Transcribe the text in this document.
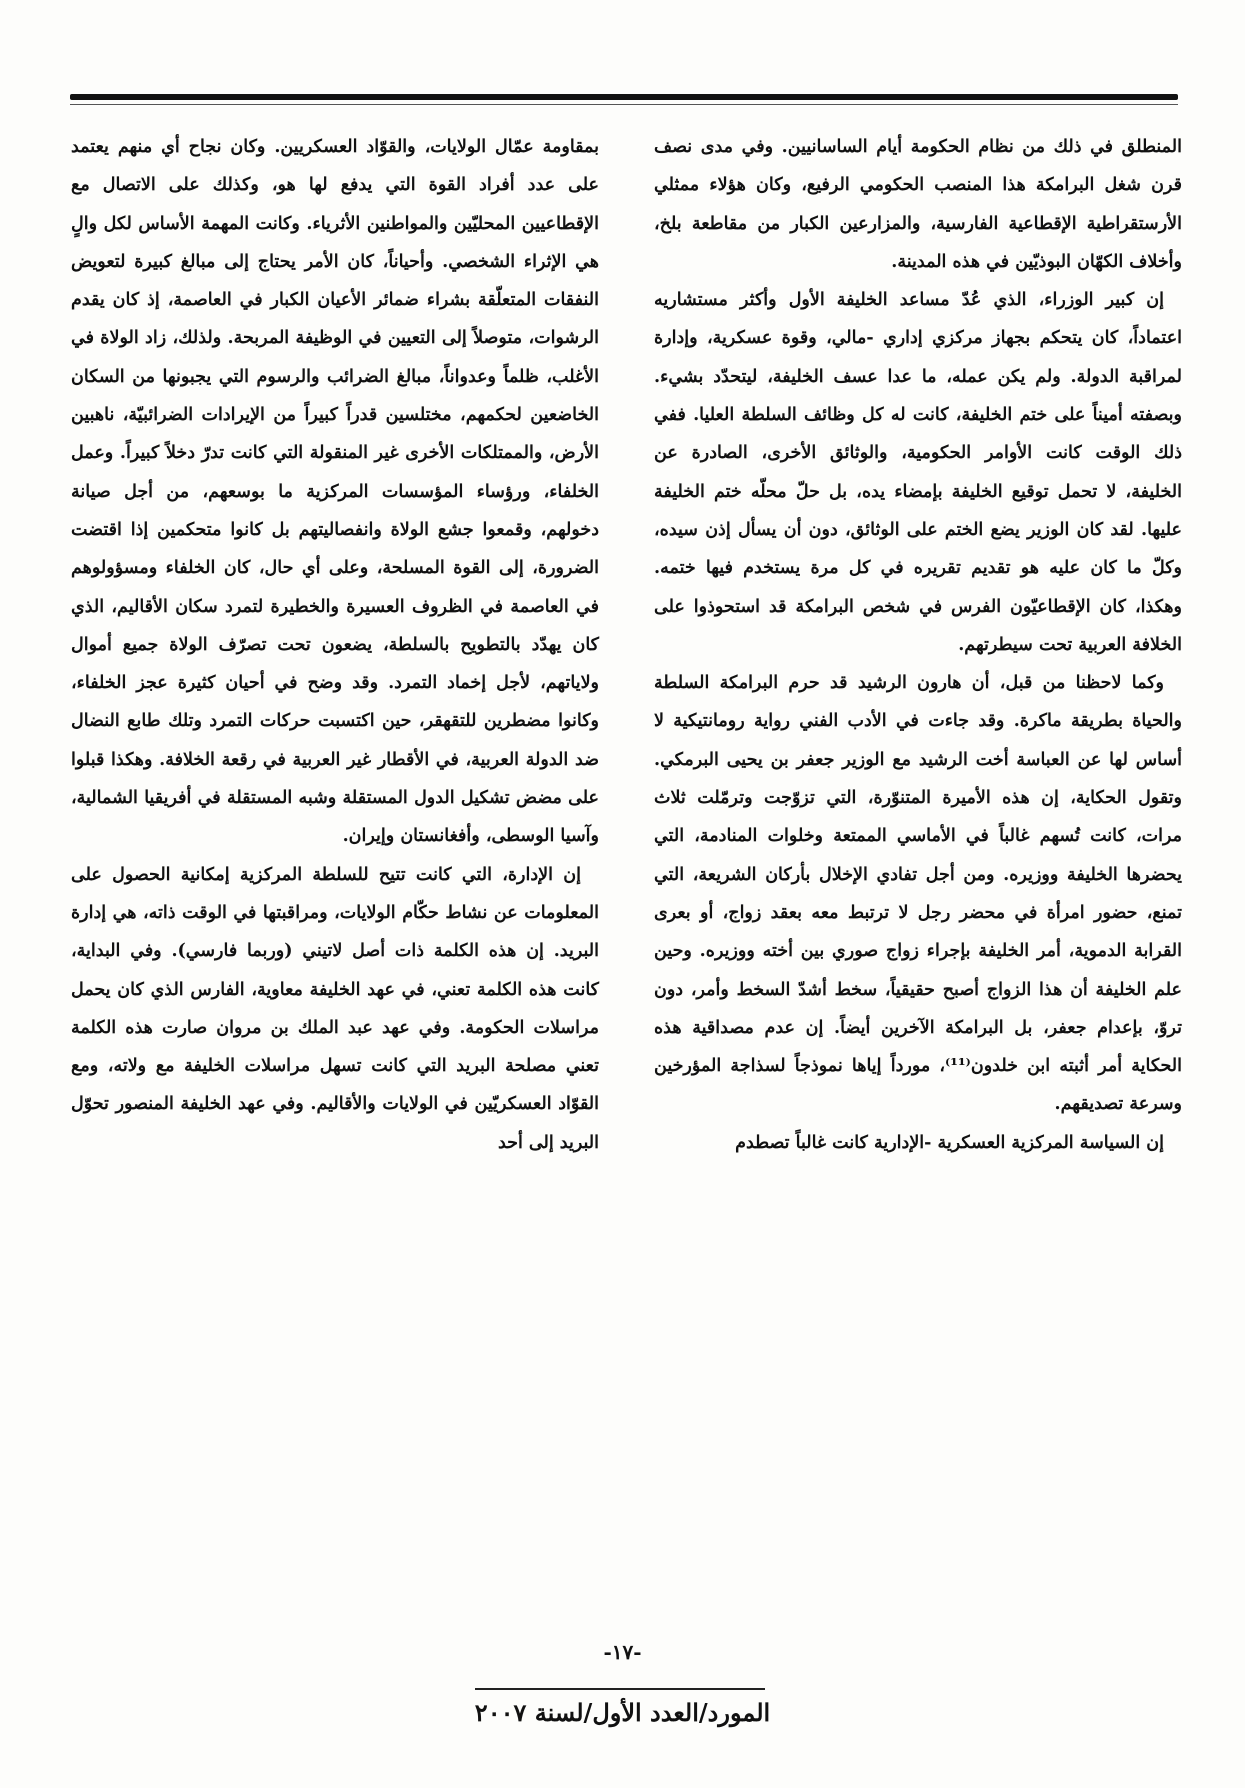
المنطلق في ذلك من نظام الحكومة أيام الساسانيين. وفي مدى نصف قرن شغل البرامكة هذا المنصب الحكومي الرفيع، وكان هؤلاء ممثلي الأرستقراطية الإقطاعية الفارسية، والمزارعين الكبار من مقاطعة بلخ، وأخلاف الكهّان البوذيّين في هذه المدينة.

إن كبير الوزراء، الذي عُدّ مساعد الخليفة الأول وأكثر مستشاريه اعتماداً، كان يتحكم بجهاز مركزي إداري -مالي، وقوة عسكرية، وإدارة لمراقبة الدولة. ولم يكن عمله، ما عدا عسف الخليفة، ليتحدّد بشيء. وبصفته أميناً على ختم الخليفة، كانت له كل وظائف السلطة العليا. ففي ذلك الوقت كانت الأوامر الحكومية، والوثائق الأخرى، الصادرة عن الخليفة، لا تحمل توقيع الخليفة بإمضاء يده، بل حلّ محلّه ختم الخليفة عليها. لقد كان الوزير يضع الختم على الوثائق، دون أن يسأل إذن سيده، وكلّ ما كان عليه هو تقديم تقريره في كل مرة يستخدم فيها ختمه. وهكذا، كان الإقطاعيّون الفرس في شخص البرامكة قد استحوذوا على الخلافة العربية تحت سيطرتهم.

وكما لاحظنا من قبل، أن هارون الرشيد قد حرم البرامكة السلطة والحياة بطريقة ماكرة. وقد جاءت في الأدب الفني رواية رومانتيكية لا أساس لها عن العباسة أخت الرشيد مع الوزير جعفر بن يحيى البرمكي. وتقول الحكاية، إن هذه الأميرة المتنوّرة، التي تزوّجت وترمّلت ثلاث مرات، كانت تُسهم غالباً في الأماسي الممتعة وخلوات المنادمة، التي يحضرها الخليفة ووزيره. ومن أجل تفادي الإخلال بأركان الشريعة، التي تمنع، حضور امرأة في محضر رجل لا ترتبط معه بعقد زواج، أو بعرى القرابة الدموية، أمر الخليفة بإجراء زواج صوري بين أخته ووزيره. وحين علم الخليفة أن هذا الزواج أصبح حقيقياً، سخط أشدّ السخط وأمر، دون تروّ، بإعدام جعفر، بل البرامكة الآخرين أيضاً. إن عدم مصداقية هذه الحكاية أمر أثبته ابن خلدون⁽¹¹⁾، مورداً إياها نموذجاً لسذاجة المؤرخين وسرعة تصديقهم.

إن السياسة المركزية العسكرية -الإدارية كانت غالباً تصطدم

بمقاومة عمّال الولايات، والقوّاد العسكريين. وكان نجاح أي منهم يعتمد على عدد أفراد القوة التي يدفع لها هو، وكذلك على الاتصال مع الإقطاعيين المحليّين والمواطنين الأثرياء. وكانت المهمة الأساس لكل والٍ هي الإثراء الشخصي. وأحياناً، كان الأمر يحتاج إلى مبالغ كبيرة لتعويض النفقات المتعلّقة بشراء ضمائر الأعيان الكبار في العاصمة، إذ كان يقدم الرشوات، متوصلاً إلى التعيين في الوظيفة المربحة. ولذلك، زاد الولاة في الأغلب، ظلماً وعدواناً، مبالغ الضرائب والرسوم التي يجبونها من السكان الخاضعين لحكمهم، مختلسين قدراً كبيراً من الإيرادات الضرائبيّة، ناهبين الأرض، والممتلكات الأخرى غير المنقولة التي كانت تدرّ دخلاً كبيراً. وعمل الخلفاء، ورؤساء المؤسسات المركزية ما بوسعهم، من أجل صيانة دخولهم، وقمعوا جشع الولاة وانفصاليتهم بل كانوا متحكمين إذا اقتضت الضرورة، إلى القوة المسلحة، وعلى أي حال، كان الخلفاء ومسؤولوهم في العاصمة في الظروف العسيرة والخطيرة لتمرد سكان الأقاليم، الذي كان يهدّد بالتطويح بالسلطة، يضعون تحت تصرّف الولاة جميع أموال ولاياتهم، لأجل إخماد التمرد. وقد وضح في أحيان كثيرة عجز الخلفاء، وكانوا مضطرين للتقهقر، حين اكتسبت حركات التمرد وتلك طابع النضال ضد الدولة العربية، في الأقطار غير العربية في رقعة الخلافة. وهكذا قبلوا على مضض تشكيل الدول المستقلة وشبه المستقلة في أفريقيا الشمالية، وآسيا الوسطى، وأفغانستان وإيران.

إن الإدارة، التي كانت تتيح للسلطة المركزية إمكانية الحصول على المعلومات عن نشاط حكّام الولايات، ومراقبتها في الوقت ذاته، هي إدارة البريد. إن هذه الكلمة ذات أصل لاتيني (وربما فارسي). وفي البداية، كانت هذه الكلمة تعني، في عهد الخليفة معاوية، الفارس الذي كان يحمل مراسلات الحكومة. وفي عهد عبد الملك بن مروان صارت هذه الكلمة تعني مصلحة البريد التي كانت تسهل مراسلات الخليفة مع ولاته، ومع القوّاد العسكريّين في الولايات والأقاليم. وفي عهد الخليفة المنصور تحوّل البريد إلى أحد

-١٧-
المورد/العدد الأول/لسنة ٢٠٠٧
